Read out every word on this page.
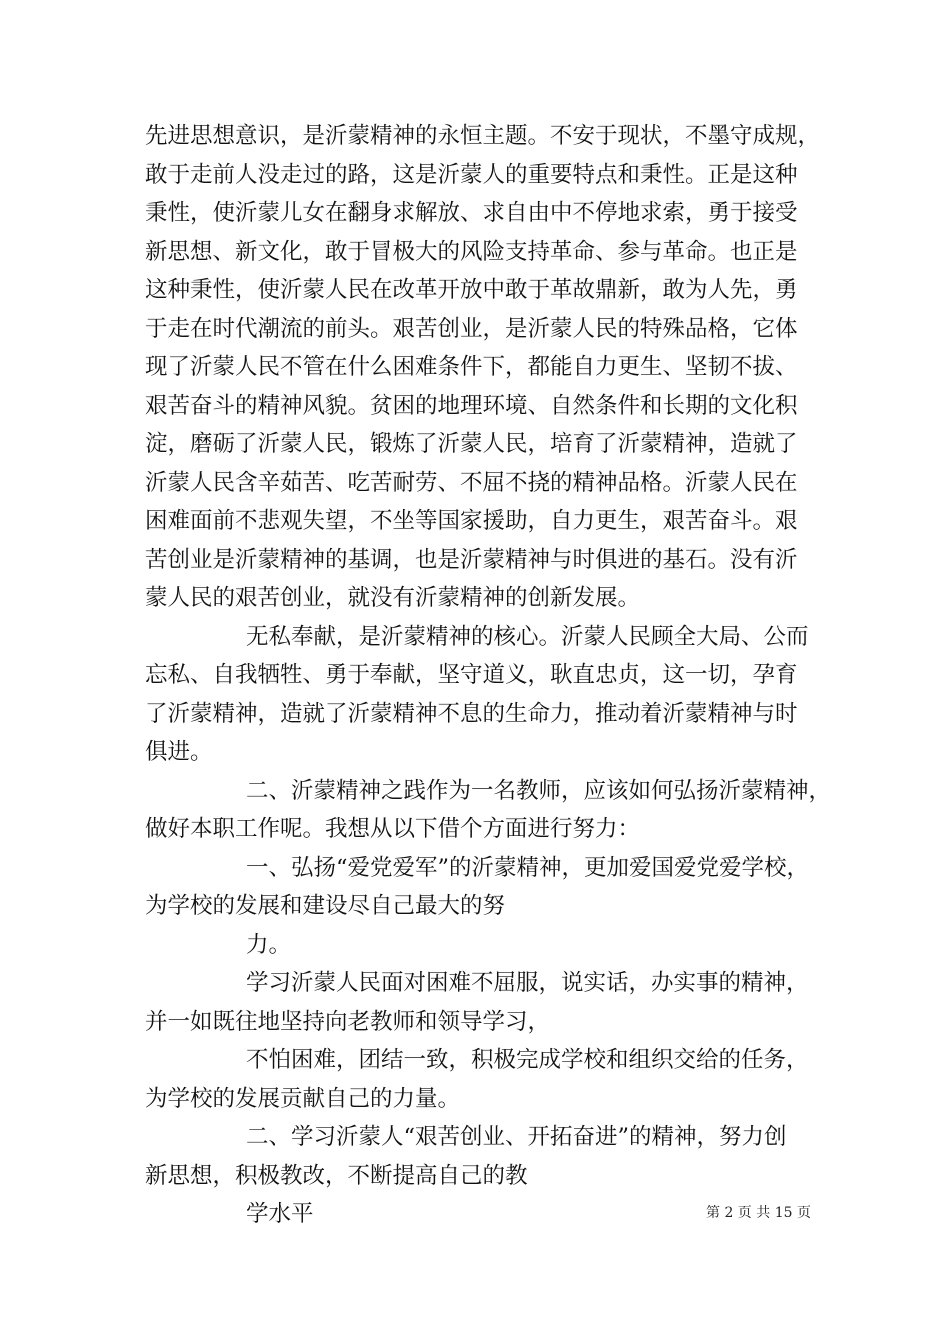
先进思想意识，是沂蒙精神的永恒主题。不安于现状，不墨守成规，
敢于走前人没走过的路，这是沂蒙人的重要特点和秉性。正是这种
秉性，使沂蒙儿女在翻身求解放、求自由中不停地求索，勇于接受
新思想、新文化，敢于冒极大的风险支持革命、参与革命。也正是
这种秉性，使沂蒙人民在改革开放中敢于革故鼎新，敢为人先，勇
于走在时代潮流的前头。艰苦创业，是沂蒙人民的特殊品格，它体
现了沂蒙人民不管在什么困难条件下，都能自力更生、坚韧不拔、
艰苦奋斗的精神风貌。贫困的地理环境、自然条件和长期的文化积
淀，磨砺了沂蒙人民，锻炼了沂蒙人民，培育了沂蒙精神，造就了
沂蒙人民含辛茹苦、吃苦耐劳、不屈不挠的精神品格。沂蒙人民在
困难面前不悲观失望，不坐等国家援助，自力更生，艰苦奋斗。艰
苦创业是沂蒙精神的基调，也是沂蒙精神与时俱进的基石。没有沂
蒙人民的艰苦创业，就没有沂蒙精神的创新发展。
无私奉献，是沂蒙精神的核心。沂蒙人民顾全大局、公而
忘私、自我牺牲、勇于奉献，坚守道义，耿直忠贞，这一切，孕育
了沂蒙精神，造就了沂蒙精神不息的生命力，推动着沂蒙精神与时
俱进。
二、沂蒙精神之践作为一名教师，应该如何弘扬沂蒙精神，
做好本职工作呢。我想从以下借个方面进行努力：
一、弘扬“爱党爱军”的沂蒙精神，更加爱国爱党爱学校，
为学校的发展和建设尽自己最大的努
力。
学习沂蒙人民面对困难不屈服，说实话，办实事的精神，
并一如既往地坚持向老教师和领导学习，
不怕困难，团结一致，积极完成学校和组织交给的任务，
为学校的发展贡献自己的力量。
二、学习沂蒙人“艰苦创业、开拓奋进”的精神，努力创
新思想，积极教改，不断提高自己的教
学水平	第 2 页 共 15 页
